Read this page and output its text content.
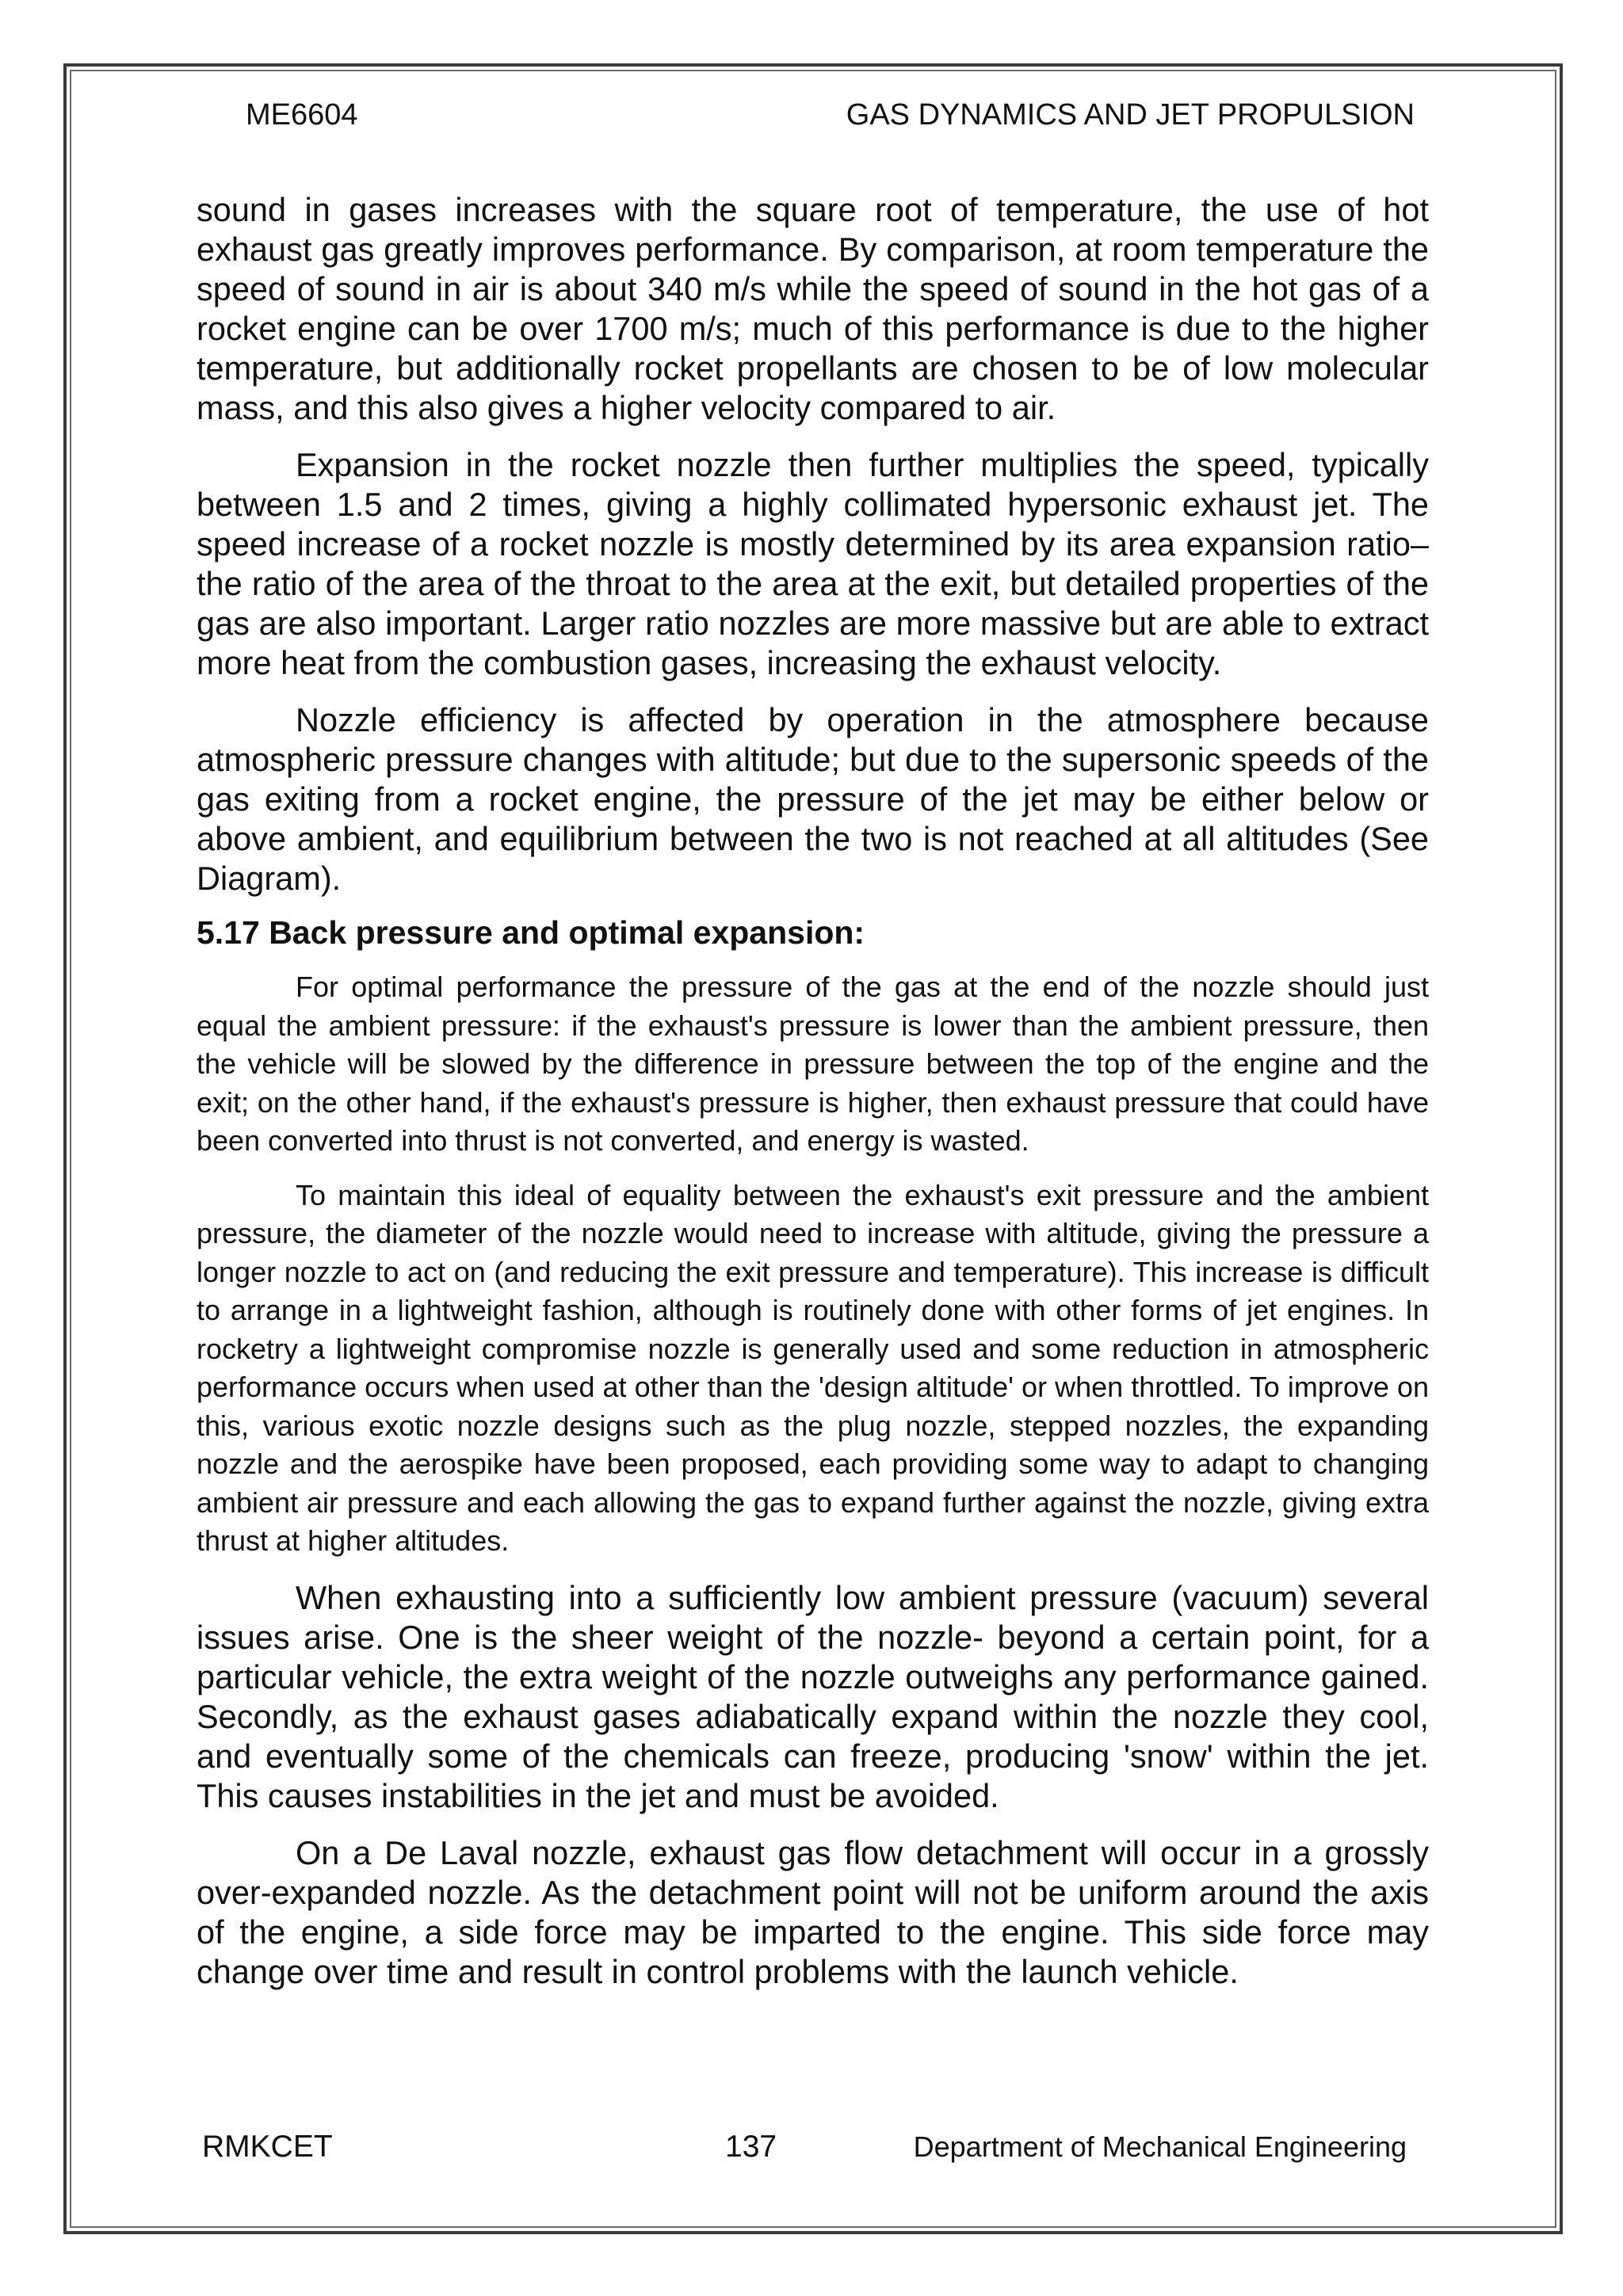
ME6604	GAS DYNAMICS AND JET PROPULSION

sound in gases increases with the square root of temperature, the use of hot exhaust gas greatly improves performance. By comparison, at room temperature the speed of sound in air is about 340 m/s while the speed of sound in the hot gas of a rocket engine can be over 1700 m/s; much of this performance is due to the higher temperature, but additionally rocket propellants are chosen to be of low molecular mass, and this also gives a higher velocity compared to air.

Expansion in the rocket nozzle then further multiplies the speed, typically between 1.5 and 2 times, giving a highly collimated hypersonic exhaust jet. The speed increase of a rocket nozzle is mostly determined by its area expansion ratio–the ratio of the area of the throat to the area at the exit, but detailed properties of the gas are also important. Larger ratio nozzles are more massive but are able to extract more heat from the combustion gases, increasing the exhaust velocity.

Nozzle efficiency is affected by operation in the atmosphere because atmospheric pressure changes with altitude; but due to the supersonic speeds of the gas exiting from a rocket engine, the pressure of the jet may be either below or above ambient, and equilibrium between the two is not reached at all altitudes (See Diagram).

5.17 Back pressure and optimal expansion:

For optimal performance the pressure of the gas at the end of the nozzle should just equal the ambient pressure: if the exhaust's pressure is lower than the ambient pressure, then the vehicle will be slowed by the difference in pressure between the top of the engine and the exit; on the other hand, if the exhaust's pressure is higher, then exhaust pressure that could have been converted into thrust is not converted, and energy is wasted.

To maintain this ideal of equality between the exhaust's exit pressure and the ambient pressure, the diameter of the nozzle would need to increase with altitude, giving the pressure a longer nozzle to act on (and reducing the exit pressure and temperature). This increase is difficult to arrange in a lightweight fashion, although is routinely done with other forms of jet engines. In rocketry a lightweight compromise nozzle is generally used and some reduction in atmospheric performance occurs when used at other than the 'design altitude' or when throttled. To improve on this, various exotic nozzle designs such as the plug nozzle, stepped nozzles, the expanding nozzle and the aerospike have been proposed, each providing some way to adapt to changing ambient air pressure and each allowing the gas to expand further against the nozzle, giving extra thrust at higher altitudes.

When exhausting into a sufficiently low ambient pressure (vacuum) several issues arise. One is the sheer weight of the nozzle- beyond a certain point, for a particular vehicle, the extra weight of the nozzle outweighs any performance gained. Secondly, as the exhaust gases adiabatically expand within the nozzle they cool, and eventually some of the chemicals can freeze, producing 'snow' within the jet. This causes instabilities in the jet and must be avoided.

On a De Laval nozzle, exhaust gas flow detachment will occur in a grossly over-expanded nozzle. As the detachment point will not be uniform around the axis of the engine, a side force may be imparted to the engine. This side force may change over time and result in control problems with the launch vehicle.

RMKCET	137	Department of Mechanical Engineering
